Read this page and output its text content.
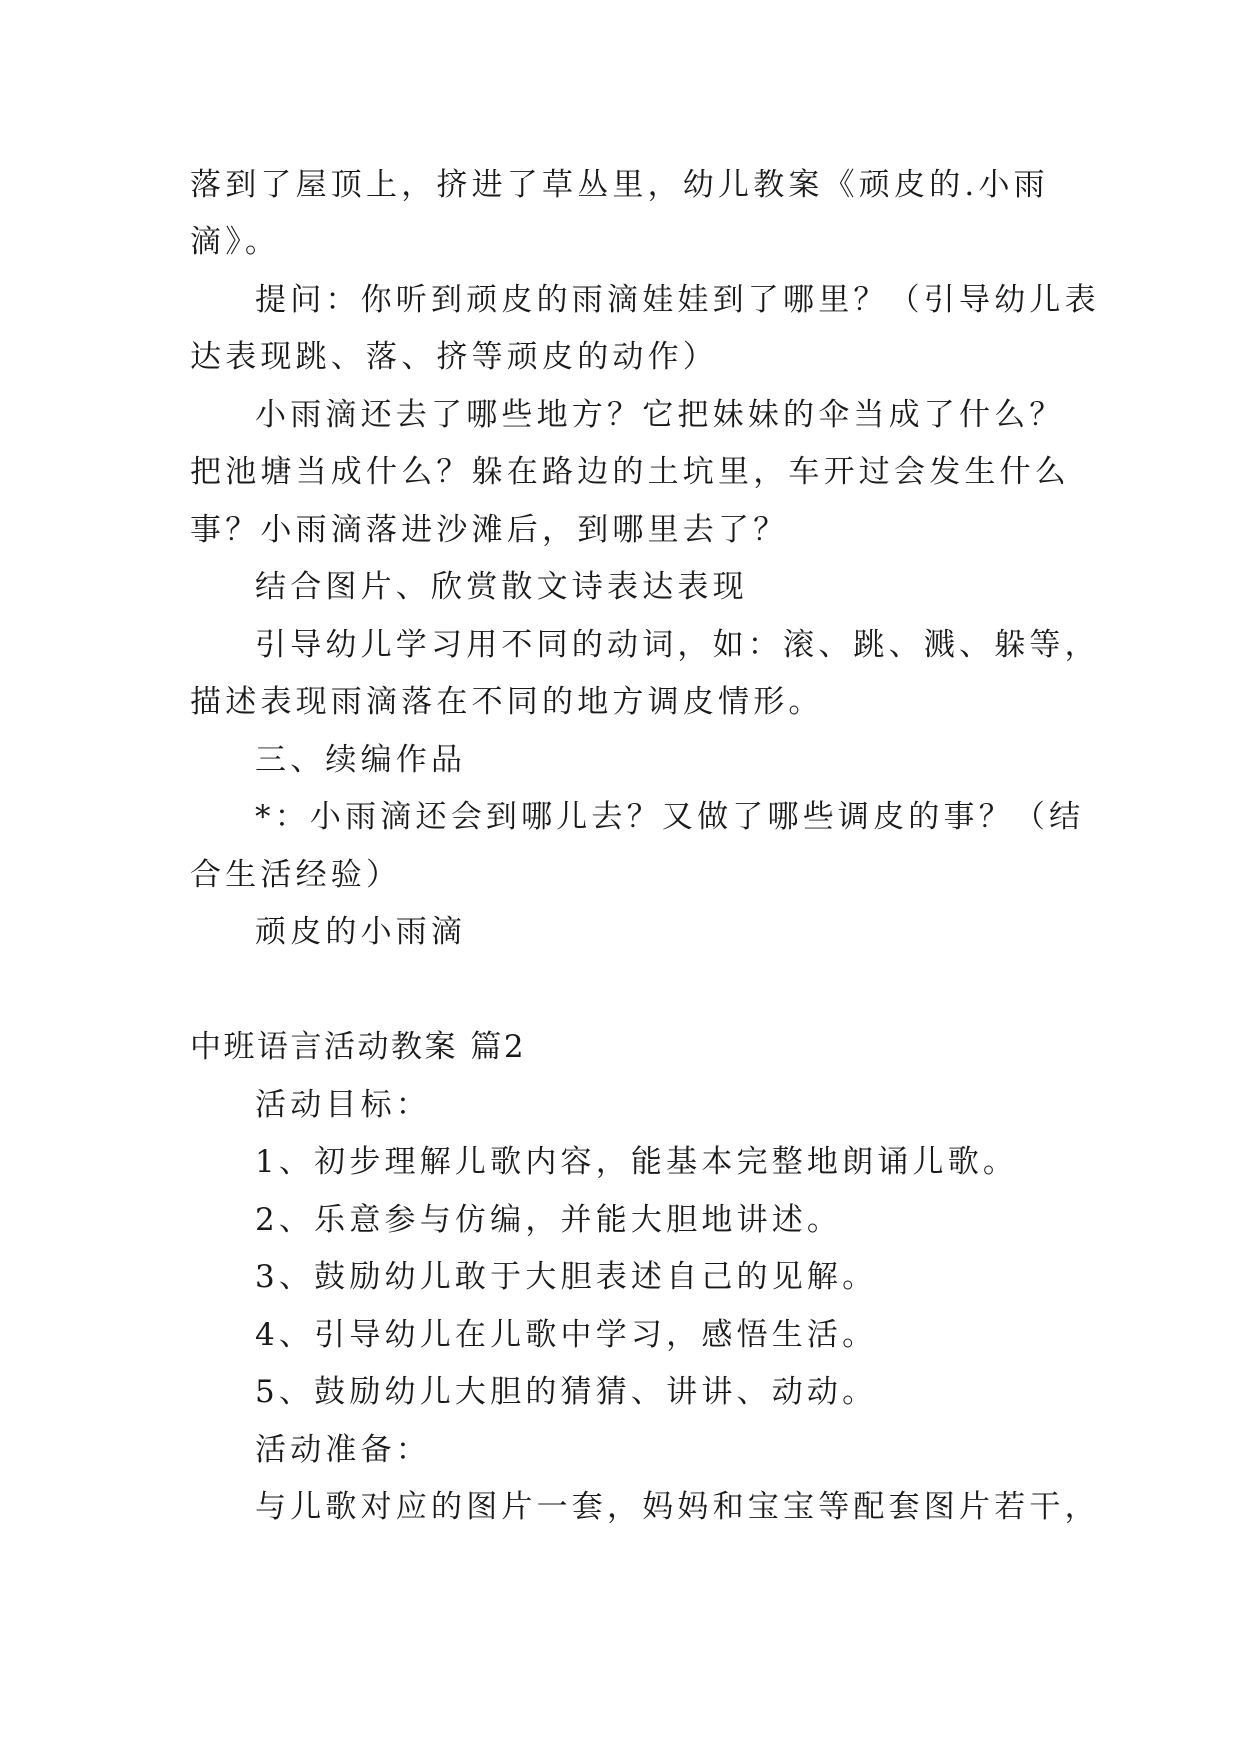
落到了屋顶上，挤进了草丛里，幼儿教案《顽皮的.小雨
滴》。
提问：你听到顽皮的雨滴娃娃到了哪里？（引导幼儿表
达表现跳、落、挤等顽皮的动作）
小雨滴还去了哪些地方？它把妹妹的伞当成了什么？
把池塘当成什么？躲在路边的土坑里，车开过会发生什么
事？小雨滴落进沙滩后，到哪里去了？
结合图片、欣赏散文诗表达表现
引导幼儿学习用不同的动词，如：滚、跳、溅、躲等，
描述表现雨滴落在不同的地方调皮情形。
三、续编作品
*：小雨滴还会到哪儿去？又做了哪些调皮的事？（结
合生活经验）
顽皮的小雨滴
中班语言活动教案 篇2
活动目标：
1、初步理解儿歌内容，能基本完整地朗诵儿歌。
2、乐意参与仿编，并能大胆地讲述。
3、鼓励幼儿敢于大胆表述自己的见解。
4、引导幼儿在儿歌中学习，感悟生活。
5、鼓励幼儿大胆的猜猜、讲讲、动动。
活动准备：
与儿歌对应的图片一套，妈妈和宝宝等配套图片若干，
